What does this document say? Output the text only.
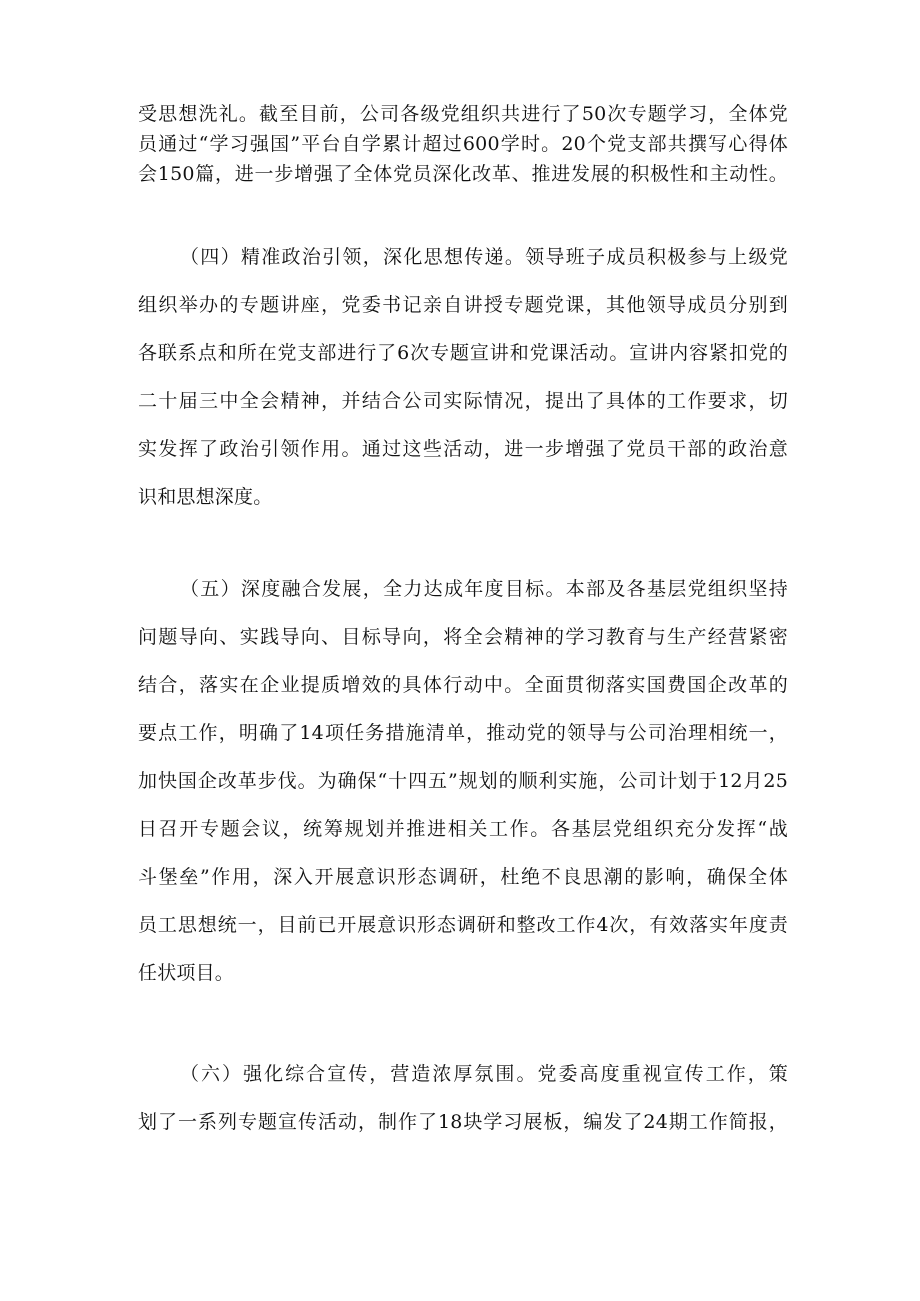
受思想洗礼。截至目前，公司各级党组织共进行了50次专题学习，全体党

员通过“学习强国”平台自学累计超过600学时。20个党支部共撰写心得体

会150篇，进一步增强了全体党员深化改革、推进发展的积极性和主动性。

（四）精准政治引领，深化思想传递。领导班子成员积极参与上级党

组织举办的专题讲座，党委书记亲自讲授专题党课，其他领导成员分别到

各联系点和所在党支部进行了6次专题宣讲和党课活动。宣讲内容紧扣党的

二十届三中全会精神，并结合公司实际情况，提出了具体的工作要求，切

实发挥了政治引领作用。通过这些活动，进一步增强了党员干部的政治意

识和思想深度。

（五）深度融合发展，全力达成年度目标。本部及各基层党组织坚持

问题导向、实践导向、目标导向，将全会精神的学习教育与生产经营紧密

结合，落实在企业提质增效的具体行动中。全面贯彻落实国费国企改革的

要点工作，明确了14项任务措施清单，推动党的领导与公司治理相统一，

加快国企改革步伐。为确保“十四五”规划的顺利实施，公司计划于12月25

日召开专题会议，统筹规划并推进相关工作。各基层党组织充分发挥“战

斗堡垒”作用，深入开展意识形态调研，杜绝不良思潮的影响，确保全体

员工思想统一，目前已开展意识形态调研和整改工作4次，有效落实年度责

任状项目。

（六）强化综合宣传，营造浓厚氛围。党委高度重视宣传工作，策

划了一系列专题宣传活动，制作了18块学习展板，编发了24期工作简报，
